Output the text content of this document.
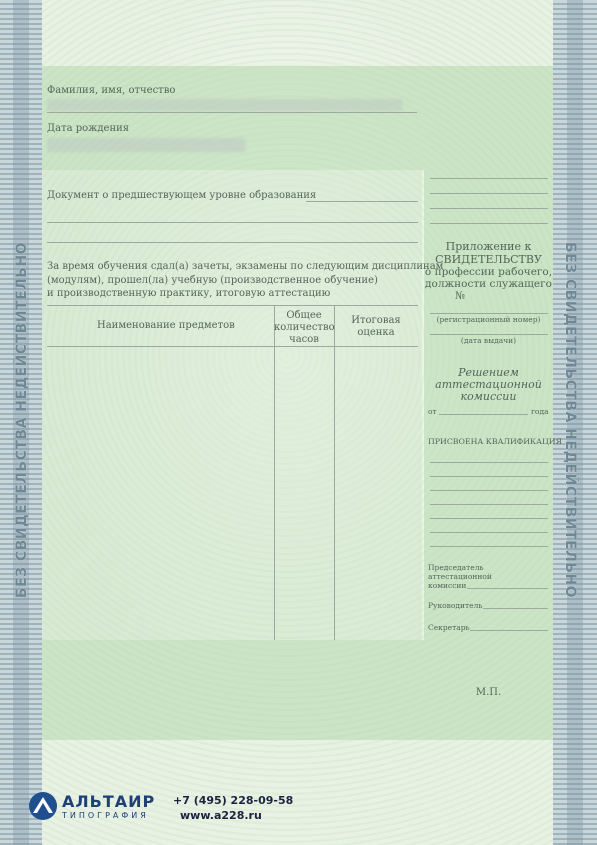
БЕЗ СВИДЕТЕЛЬСТВА НЕДЕЙСТВИТЕЛЬНО	БЕЗ СВИДЕТЕЛЬСТВА НЕДЕЙСТВИТЕЛЬНО
Фамилия, имя, отчество
Дата рождения
Документ о предшествующем уровне образования
За время обучения сдал(а) зачеты, экзамены по следующим дисциплинам
(модулям), прошел(ла) учебную (производственное обучение)
и производственную практику, итоговую аттестацию
Наименование предметов
Общее
количество
часов
Итоговая
оценка
Приложение к
СВИДЕТЕЛЬСТВУ
о профессии рабочего,
должности служащего
№
(регистрационный номер)
(дата выдачи)
Решением
аттестационной
комиссии
от	года
ПРИСВОЕНА КВАЛИФИКАЦИЯ
Председатель
аттестационной
комиссии
Руководитель
Секретарь
М.П.
АЛЬТАИР
ТИПОГРАФИЯ
+7 (495) 228-09-58
www.a228.ru
